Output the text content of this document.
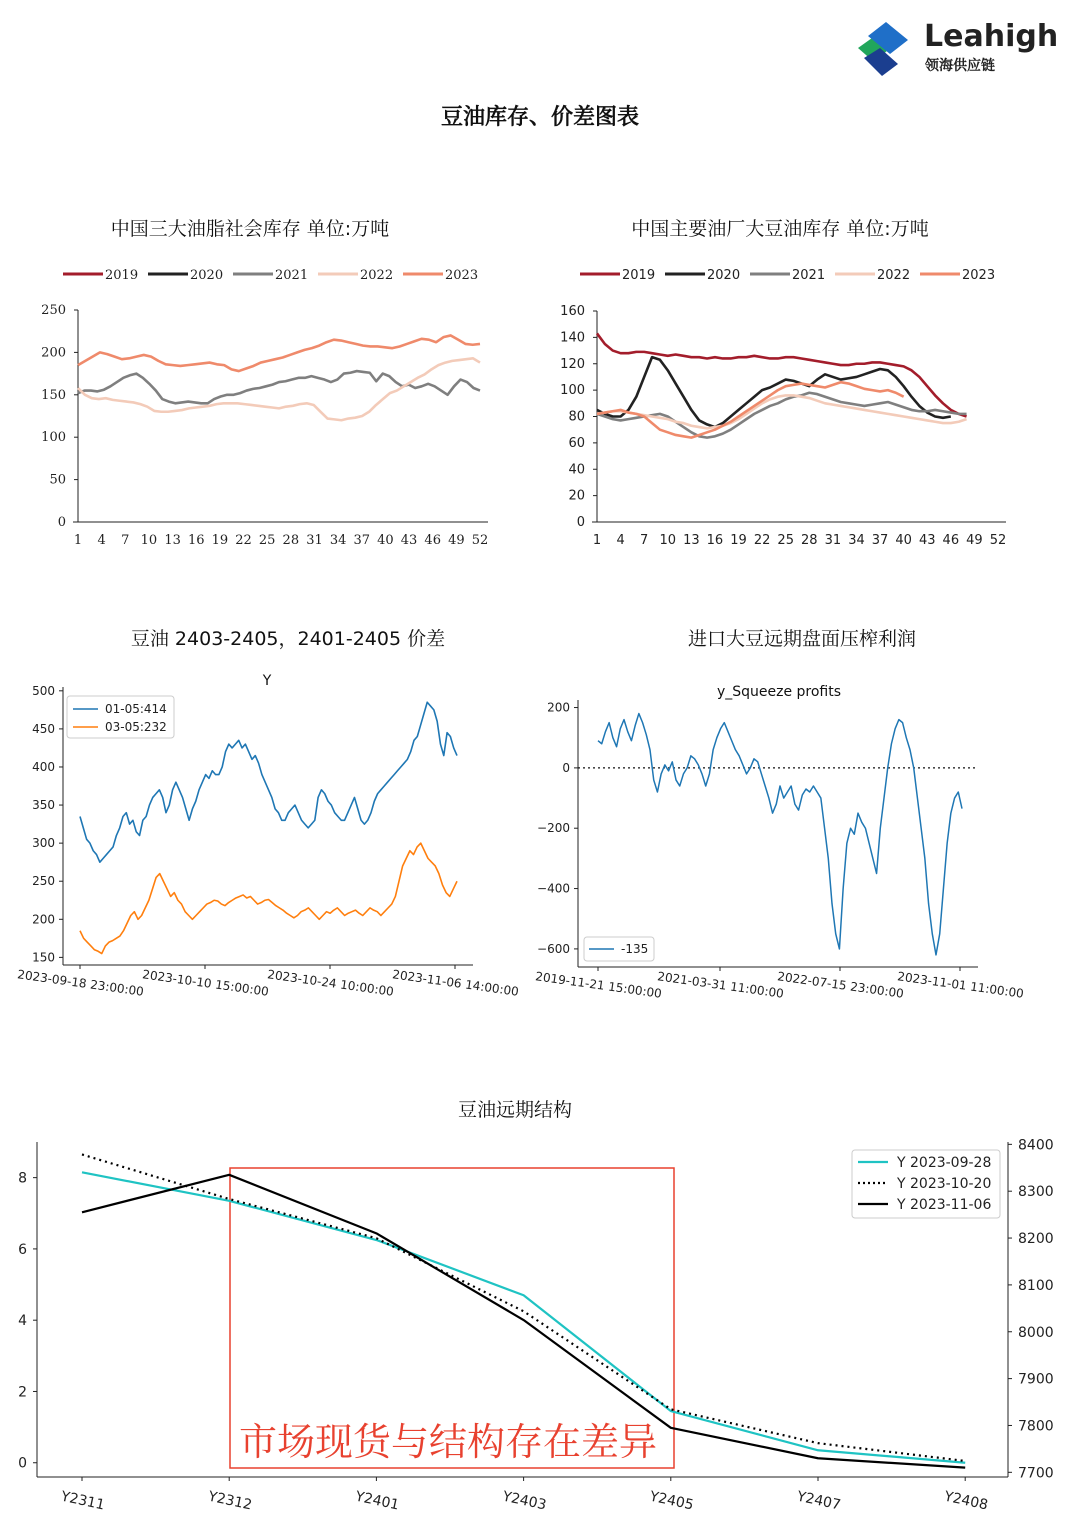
Leahigh
领海供应链
豆油库存、价差图表
中国三大油脂社会库存 单位:万吨
2019	2020	2021	2022	2023
0
50
100
150
200
250
1 4 7 10 13 16 19 22 25 28 31 34 37 40 43 46 49 52
中国主要油厂大豆油库存 单位:万吨
2019	2020	2021	2022	2023
0
20
40
60
80
100
120
140
160
1 4 7 10 13 16 19 22 25 28 31 34 37 40 43 46 49 52
豆油 2403-2405，2401-2405 价差
Y
150
200
250
300
350
400
450
500
2023-09-18 23:00:00
2023-10-10 15:00:00
2023-10-24 10:00:00
2023-11-06 14:00:00
01-05:414
03-05:232
进口大豆远期盘面压榨利润
y_Squeeze profits
−600
−400
−200
0
200
2019-11-21 15:00:00
2021-03-31 11:00:00
2022-07-15 23:00:00
2023-11-01 11:00:00
-135
豆油远期结构
0
2
4
6
8
7700
7800
7900
8000
8100
8200
8300
8400
Y2311	Y2312	Y2401	Y2403	Y2405	Y2407	Y2408
市场现货与结构存在差异
Y 2023-09-28
Y 2023-10-20
Y 2023-11-06
